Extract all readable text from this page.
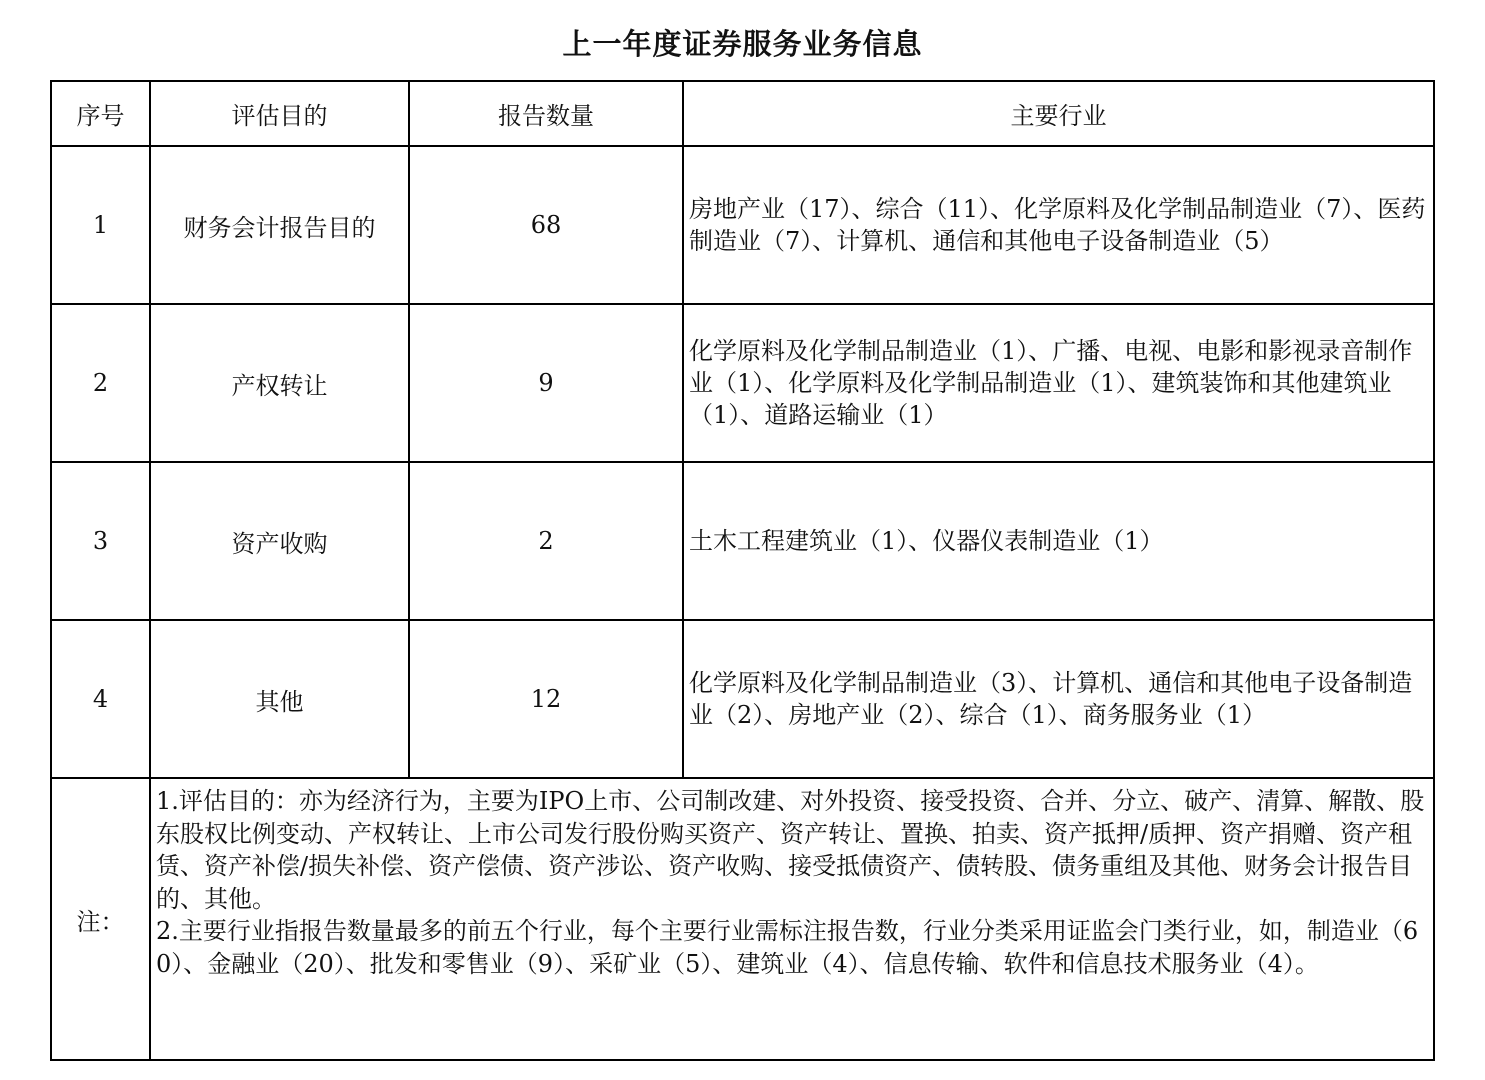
上一年度证券服务业务信息
序号	评估目的	报告数量	主要行业
1	财务会计报告目的	68	房地产业（17）、综合（11）、化学原料及化学制品制造业（7）、医药制造业（7）、计算机、通信和其他电子设备制造业（5）
2	产权转让	9	化学原料及化学制品制造业（1）、广播、电视、电影和影视录音制作业（1）、化学原料及化学制品制造业（1）、建筑装饰和其他建筑业（1）、道路运输业（1）
3	资产收购	2	土木工程建筑业（1）、仪器仪表制造业（1）
4	其他	12	化学原料及化学制品制造业（3）、计算机、通信和其他电子设备制造业（2）、房地产业（2）、综合（1）、商务服务业（1）
注：	1.评估目的：亦为经济行为，主要为IPO上市、公司制改建、对外投资、接受投资、合并、分立、破产、清算、解散、股东股权比例变动、产权转让、上市公司发行股份购买资产、资产转让、置换、拍卖、资产抵押/质押、资产捐赠、资产租赁、资产补偿/损失补偿、资产偿债、资产涉讼、资产收购、接受抵债资产、债转股、债务重组及其他、财务会计报告目的、其他。
2.主要行业指报告数量最多的前五个行业，每个主要行业需标注报告数，行业分类采用证监会门类行业，如，制造业（60）、金融业（20）、批发和零售业（9）、采矿业（5）、建筑业（4）、信息传输、软件和信息技术服务业（4）。		
